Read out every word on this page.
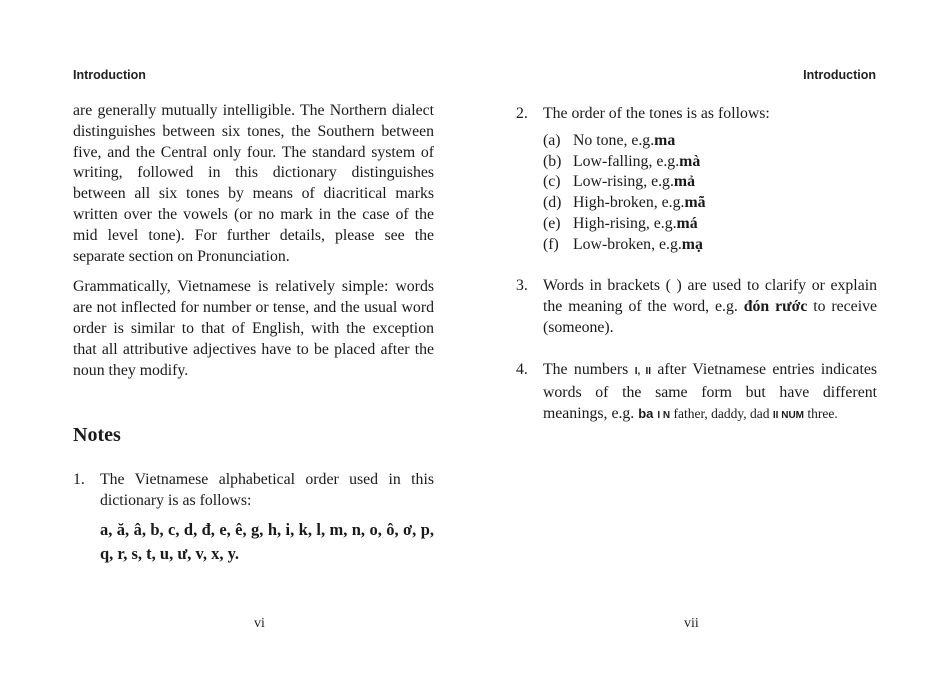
Introduction

are generally mutually intelligible. The Northern dialect distinguishes between six tones, the Southern between five, and the Central only four. The standard system of writing, followed in this dictionary distinguishes between all six tones by means of diacritical marks written over the vowels (or no mark in the case of the mid level tone). For further details, please see the separate section on Pronunciation.

Grammatically, Vietnamese is relatively simple: words are not inflected for number or tense, and the usual word order is similar to that of English, with the exception that all attributive adjectives have to be placed after the noun they modify.

Notes
1. The Vietnamese alphabetical order used in this dictionary is as follows:
a, ă, â, b, c, d, đ, e, ê, g, h, i, k, l, m, n, o, ô, ơ, p, q, r, s, t, u, ư, v, x, y.
vi
Introduction
2. The order of the tones is as follows:
(a) No tone, e.g. ma
(b) Low-falling, e.g. mà
(c) Low-rising, e.g. mả
(d) High-broken, e.g. mã
(e) High-rising, e.g. má
(f) Low-broken, e.g. mạ
3. Words in brackets ( ) are used to clarify or explain the meaning of the word, e.g. đón rước to receive (someone).
4. The numbers I, II after Vietnamese entries indicates words of the same form but have different meanings, e.g. ba I N father, daddy, dad II NUM three.
vii
